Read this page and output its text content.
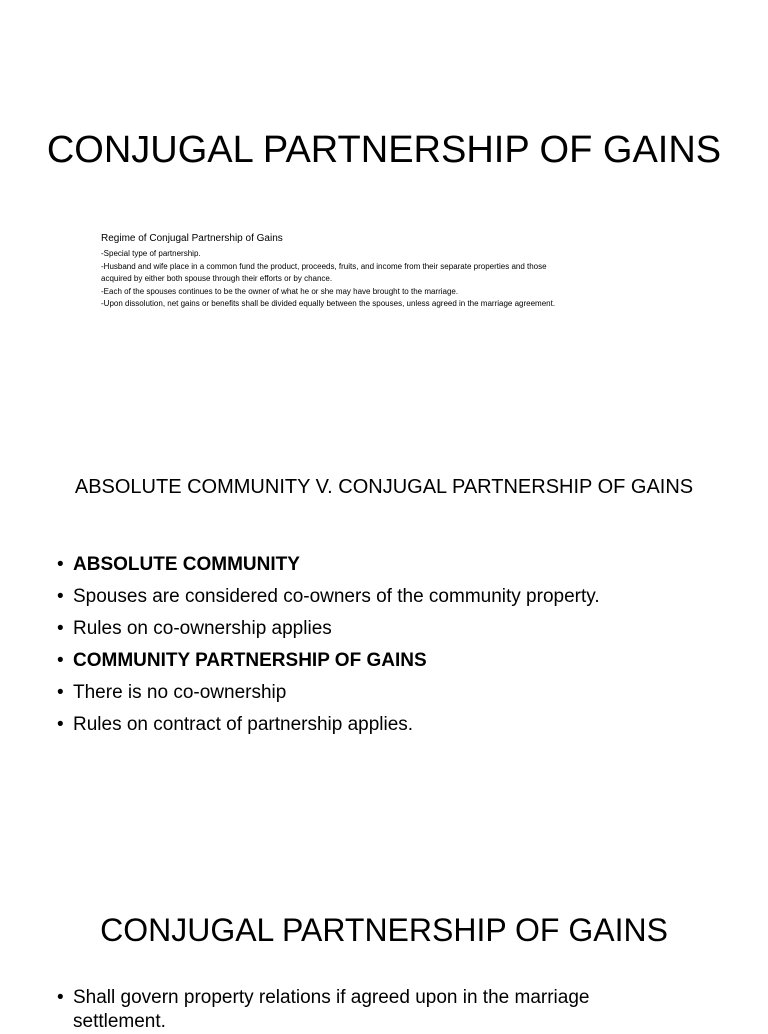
CONJUGAL PARTNERSHIP OF GAINS

Regime of Conjugal Partnership of Gains

-Special type of partnership.

-Husband and wife place in a common fund the product, proceeds, fruits, and income from their separate properties and those

acquired by either both spouse through their efforts or by chance.

-Each of the spouses continues to be the owner of what he or she may have brought to the marriage.

-Upon dissolution, net gains or benefits shall be divided equally between the spouses, unless agreed in the marriage agreement.

ABSOLUTE COMMUNITY V. CONJUGAL PARTNERSHIP OF GAINS
• ABSOLUTE COMMUNITY
• Spouses are considered co-owners of the community property.
• Rules on co-ownership applies
• COMMUNITY PARTNERSHIP OF GAINS
• There is no co-ownership
• Rules on contract of partnership applies.
CONJUGAL PARTNERSHIP OF GAINS
• Shall govern property relations if agreed upon in the marriage settlement.
